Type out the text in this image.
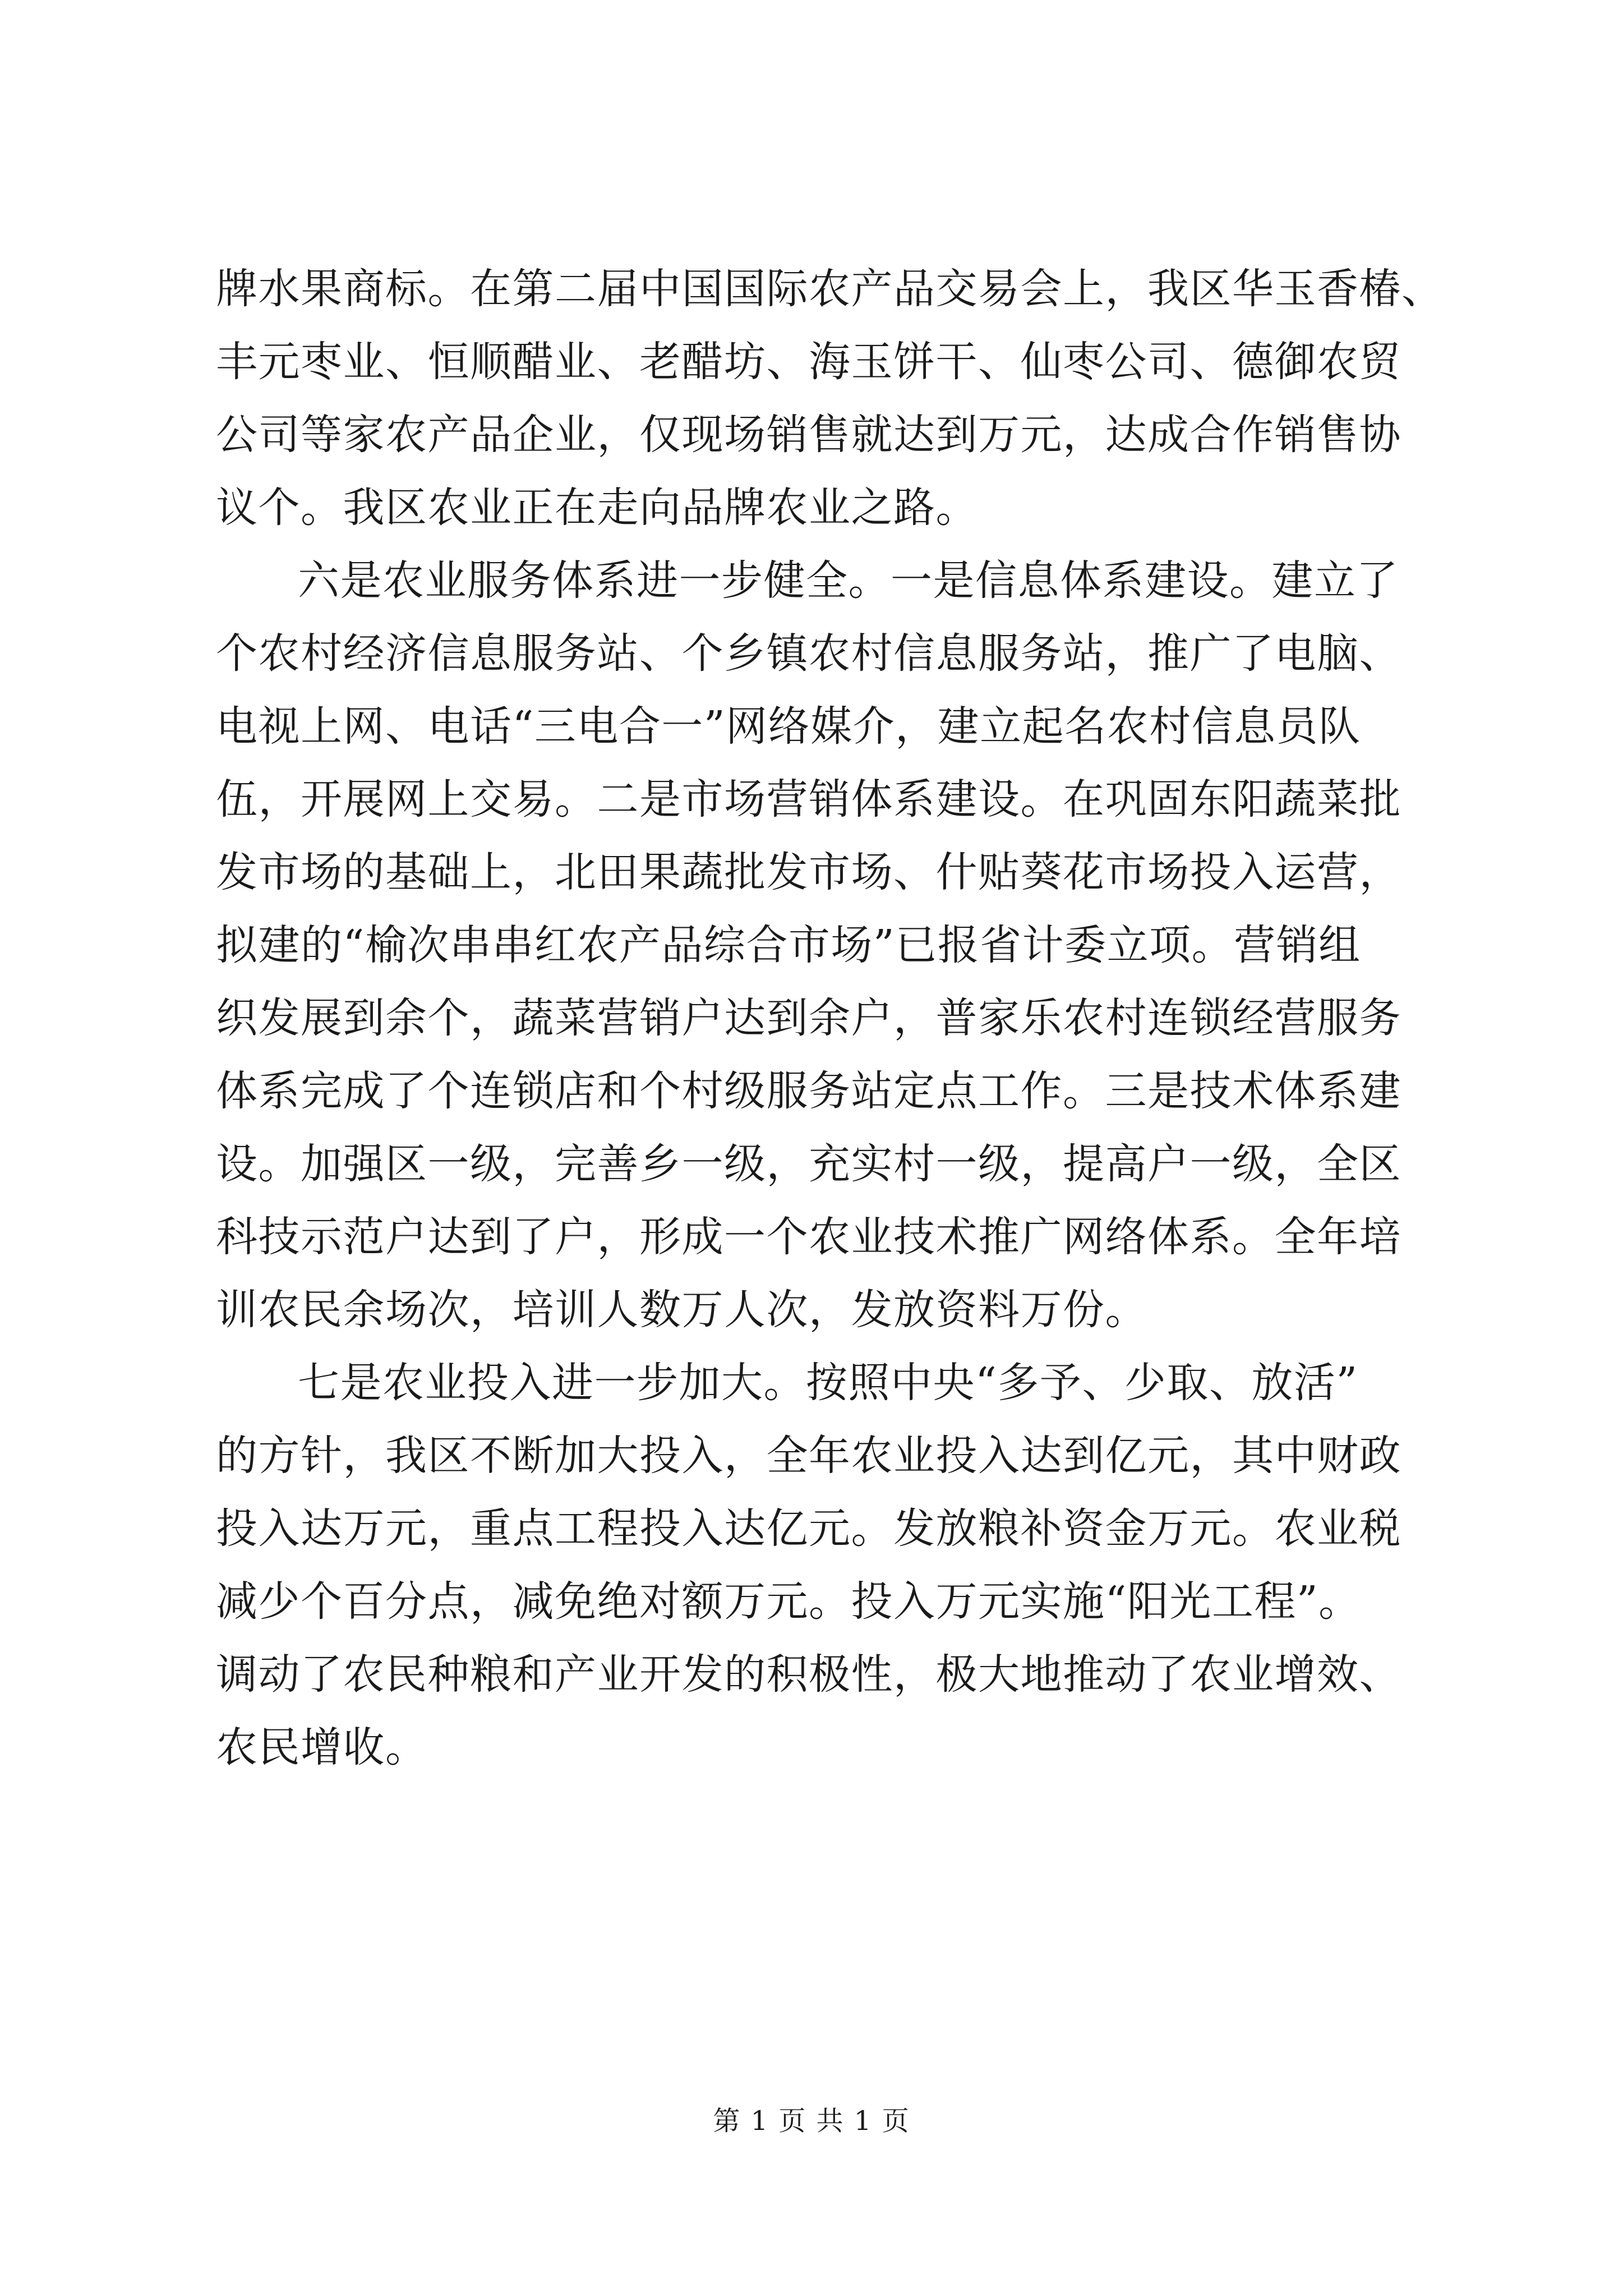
牌水果商标。在第二届中国国际农产品交易会上，我区华玉香椿、
丰元枣业、恒顺醋业、老醋坊、海玉饼干、仙枣公司、德御农贸
公司等家农产品企业，仅现场销售就达到万元，达成合作销售协
议个。我区农业正在走向品牌农业之路。
六是农业服务体系进一步健全。一是信息体系建设。建立了
个农村经济信息服务站、个乡镇农村信息服务站，推广了电脑、
电视上网、电话“三电合一”网络媒介，建立起名农村信息员队
伍，开展网上交易。二是市场营销体系建设。在巩固东阳蔬菜批
发市场的基础上，北田果蔬批发市场、什贴葵花市场投入运营，
拟建的“榆次串串红农产品综合市场”已报省计委立项。营销组
织发展到余个，蔬菜营销户达到余户，普家乐农村连锁经营服务
体系完成了个连锁店和个村级服务站定点工作。三是技术体系建
设。加强区一级，完善乡一级，充实村一级，提高户一级，全区
科技示范户达到了户，形成一个农业技术推广网络体系。全年培
训农民余场次，培训人数万人次，发放资料万份。
七是农业投入进一步加大。按照中央“多予、少取、放活”
的方针，我区不断加大投入，全年农业投入达到亿元，其中财政
投入达万元，重点工程投入达亿元。发放粮补资金万元。农业税
减少个百分点，减免绝对额万元。投入万元实施“阳光工程”。
调动了农民种粮和产业开发的积极性，极大地推动了农业增效、
农民增收。
第 1 页 共 1 页
